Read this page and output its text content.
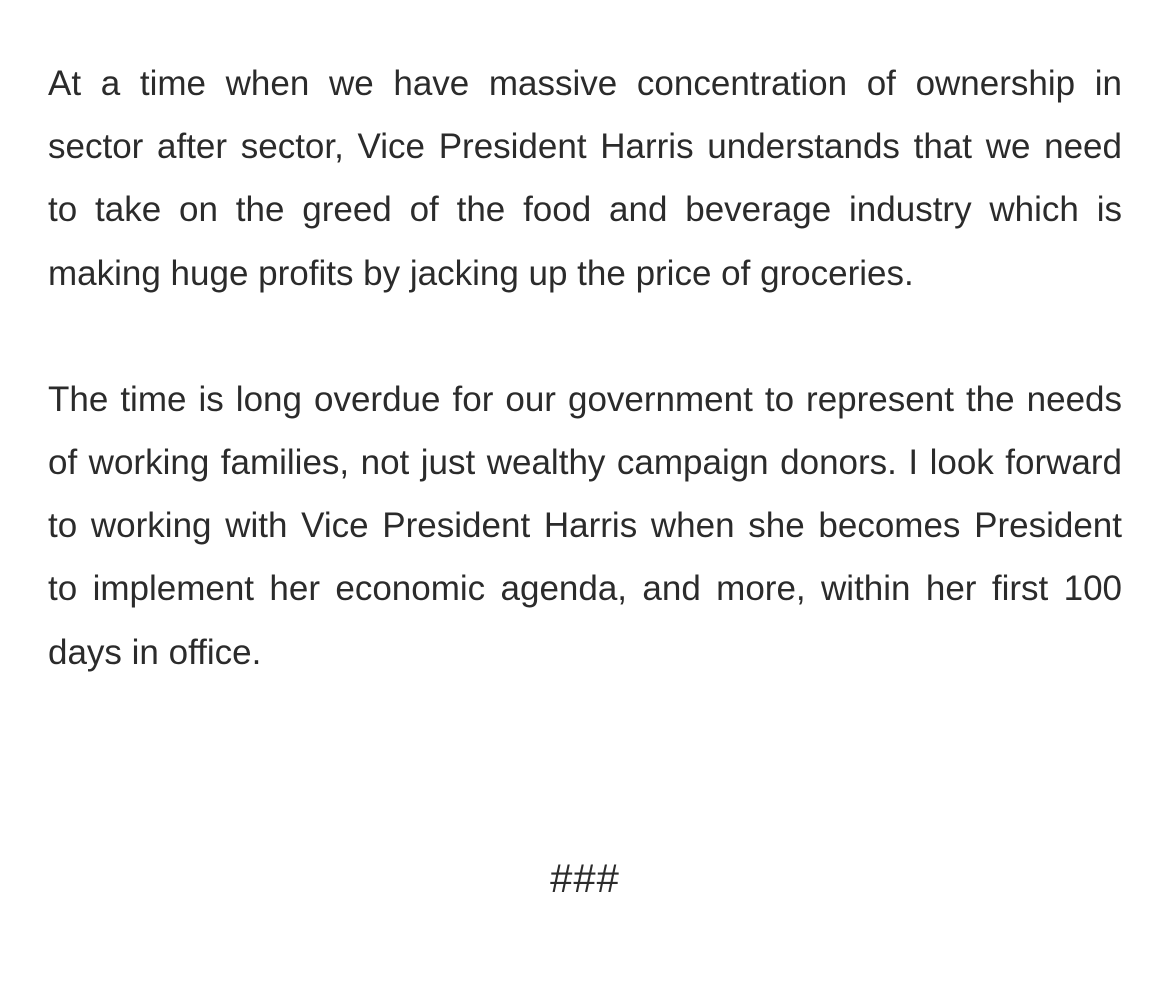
At a time when we have massive concentration of ownership in sector after sector, Vice President Harris understands that we need to take on the greed of the food and beverage industry which is making huge profits by jacking up the price of groceries.

The time is long overdue for our government to represent the needs of working families, not just wealthy campaign donors. I look forward to working with Vice President Harris when she becomes President to implement her economic agenda, and more, within her first 100 days in office.

###
